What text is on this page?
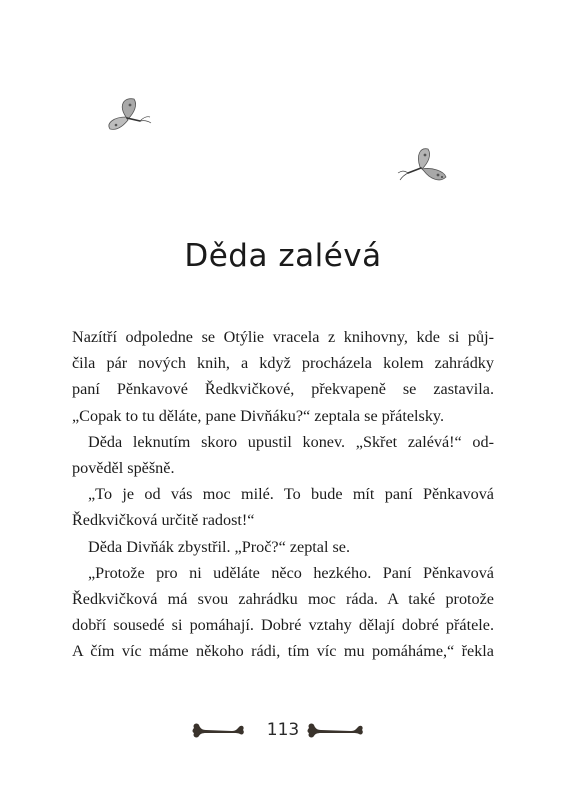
Děda zalévá
Nazítří odpoledne se Otýlie vracela z knihovny, kde si půj-
čila pár nových knih, a když procházela kolem zahrádky
paní Pěnkavové Ředkvičkové, překvapeně se zastavila.
„Copak to tu děláte, pane Divňáku?“ zeptala se přátelsky.
Děda leknutím skoro upustil konev. „Skřet zalévá!“ od-
pověděl spěšně.
„To je od vás moc milé. To bude mít paní Pěnkavová
Ředkvičková určitě radost!“
Děda Divňák zbystřil. „Proč?“ zeptal se.
„Protože pro ni uděláte něco hezkého. Paní Pěnkavová
Ředkvičková má svou zahrádku moc ráda. A také protože
dobří sousedé si pomáhají. Dobré vztahy dělají dobré přátele.
A čím víc máme někoho rádi, tím víc mu pomáháme,“ řekla
113
